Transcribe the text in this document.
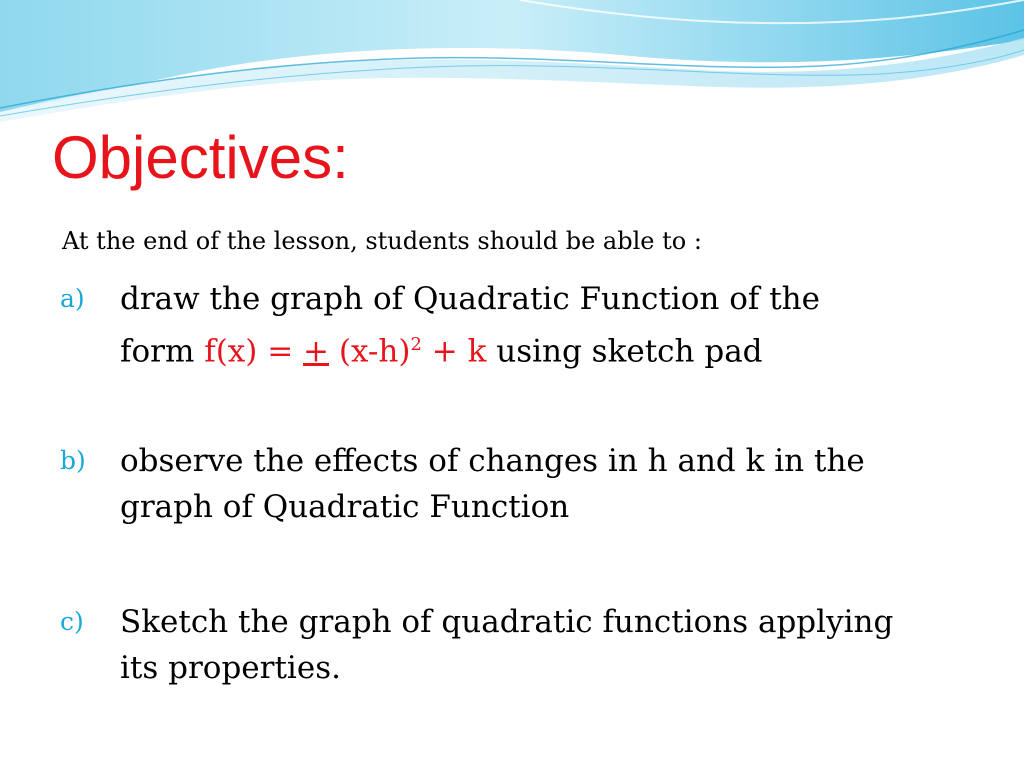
Objectives:
At the end of the lesson, students should be able to :
a) draw the graph of Quadratic Function of the
form f(x) = + $(x-h)^2 + k$ using sketch pad
b) observe the effects of changes in h and k in the
graph of Quadratic Function
c) Sketch the graph of quadratic functions applying
its properties.
